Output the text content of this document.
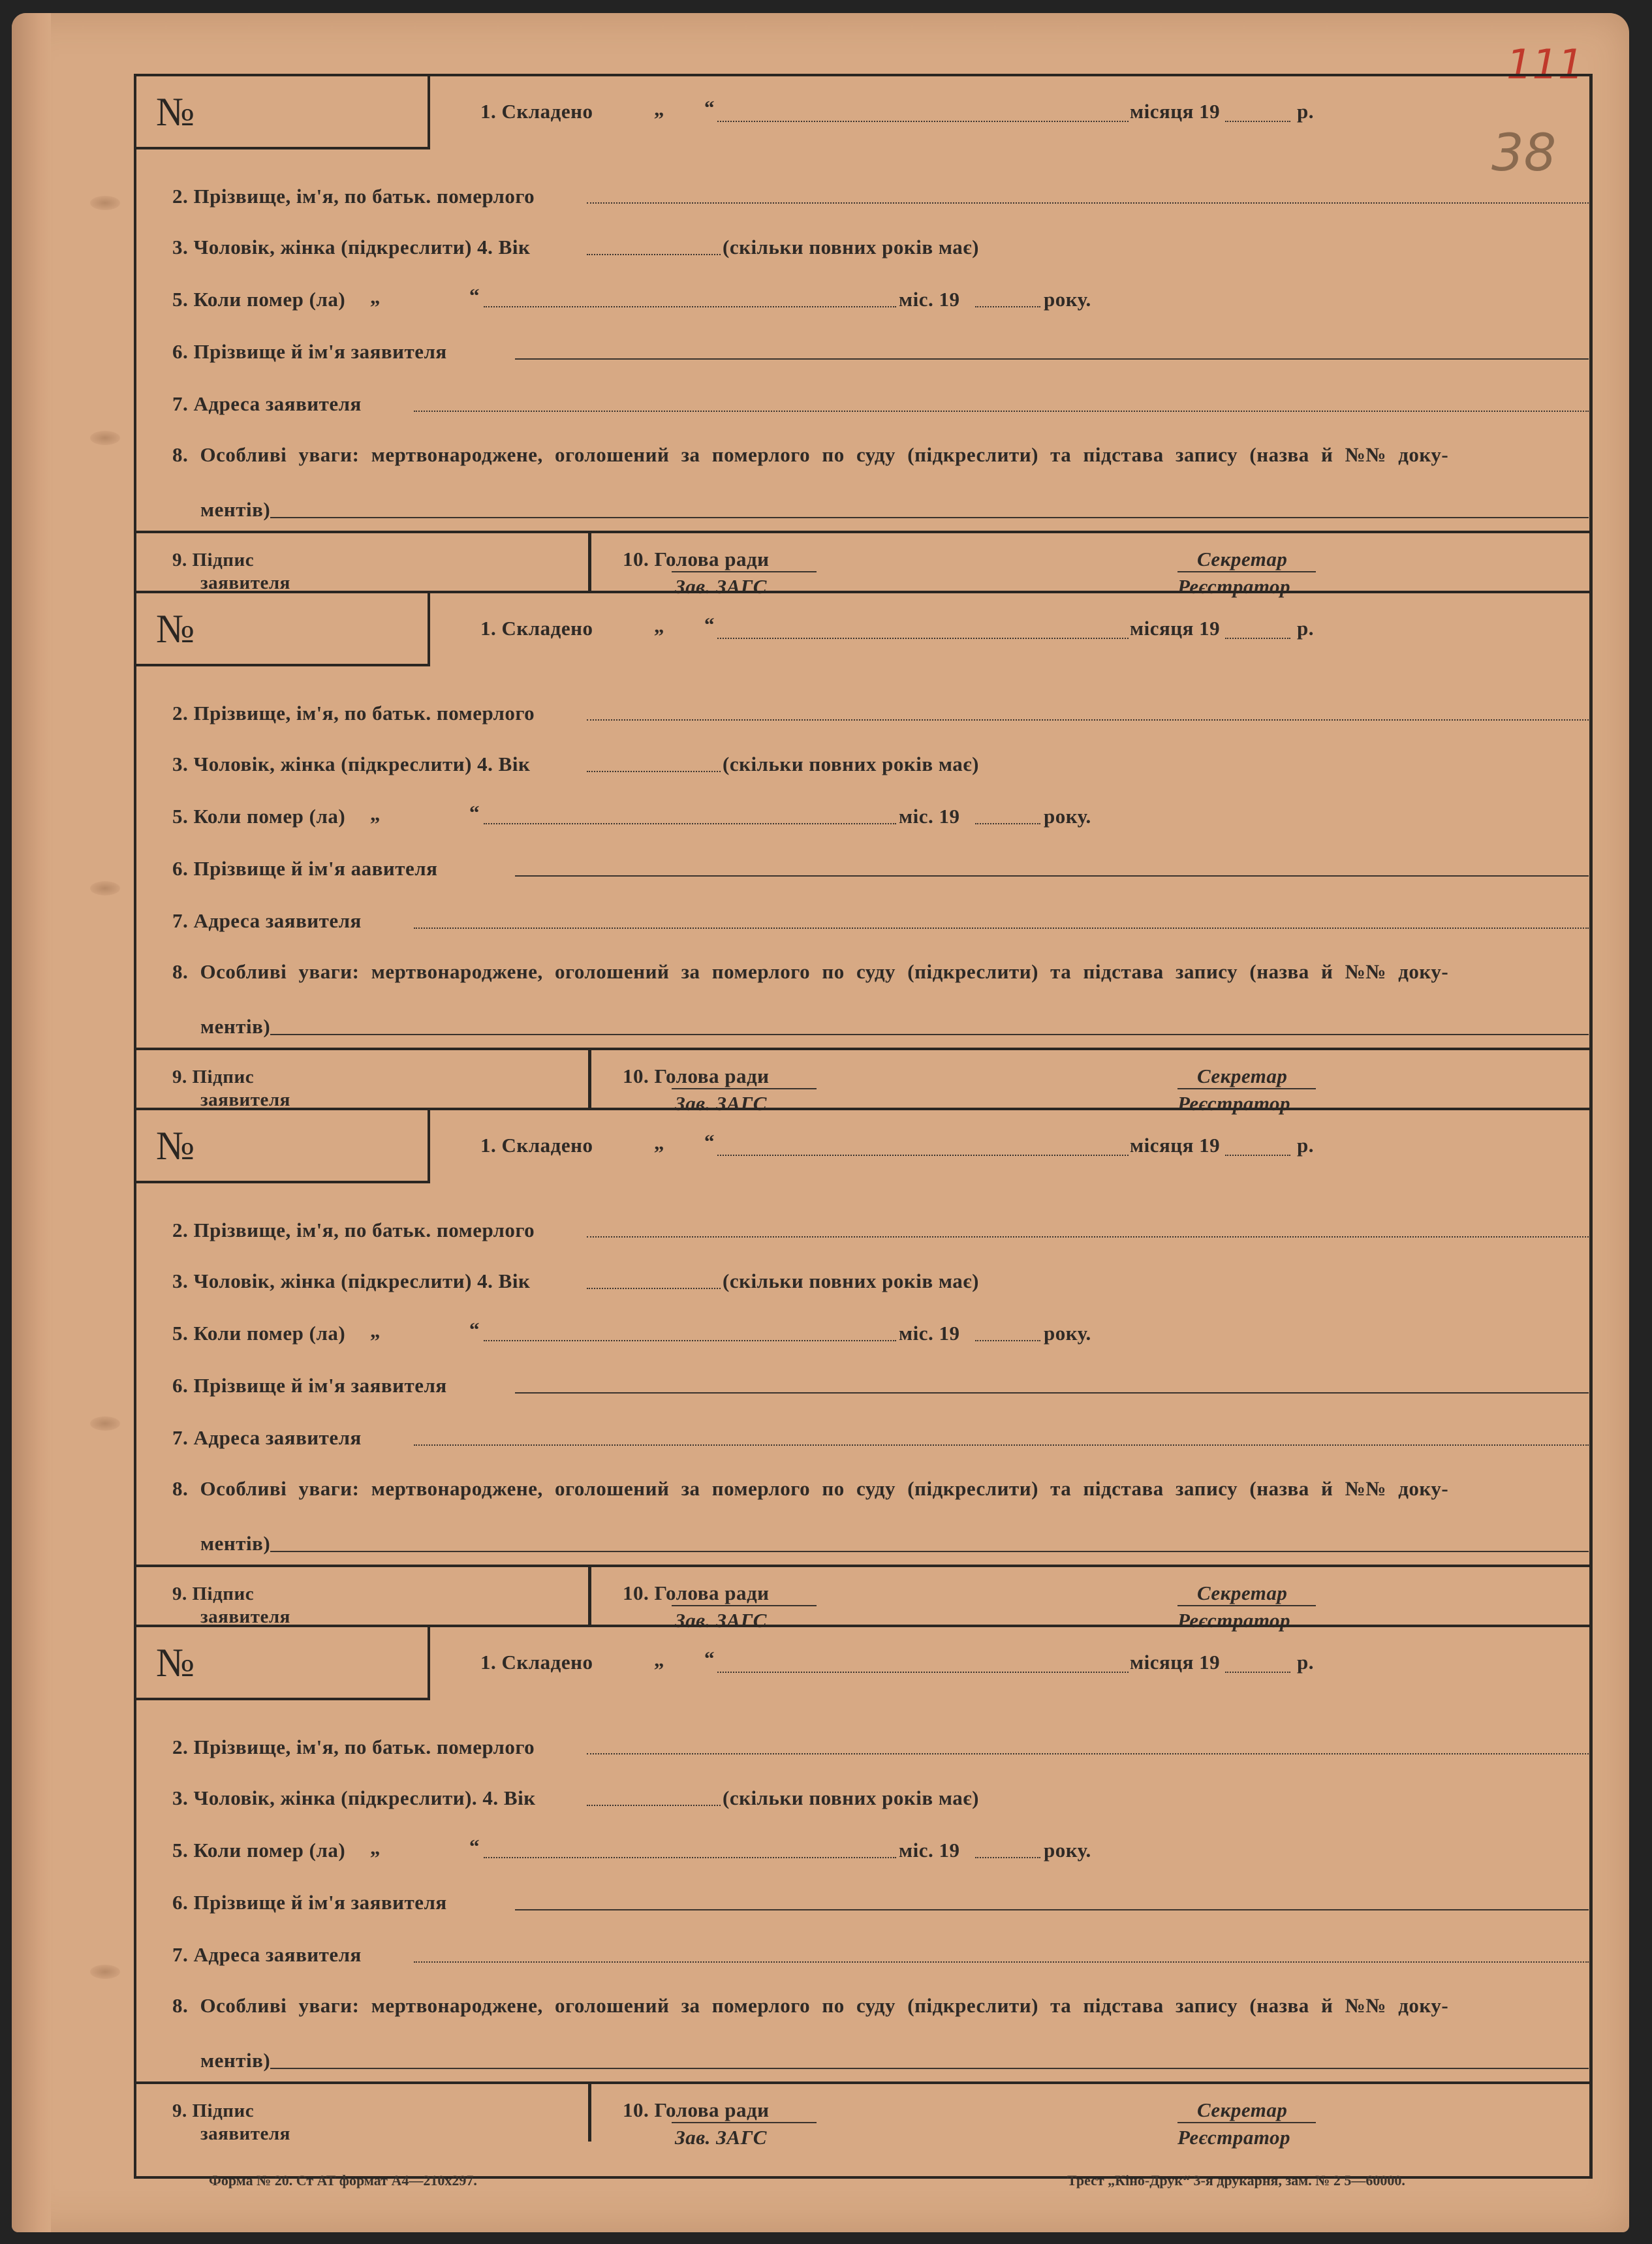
111
38
№	1. Складено	„ “	місяця 19	р.
2. Прізвище, ім'я, по батьк. померлого
3. Чоловік, жінка (підкреслити) 4. Вік	(скільки повних років має)
5. Коли помер (ла) „	“	міс. 19	року.
6. Прізвище й ім'я заявителя
7. Адреса заявителя
8. Особливі уваги: мертвонароджене, оголошений за померлого по суду (підкреслити) та підстава запису (назва й №№ доку-
ментів)
9. Підпис
заявителя
10. Голова ради
Зав. ЗАГС
Секретар
Реєстратор
№	1. Складено	„ “	місяця 19	р.
2. Прізвище, ім'я, по батьк. померлого
3. Чоловік, жінка (підкреслити) 4. Вік	(скільки повних років має)
5. Коли помер (ла) „	“	міс. 19	року.
6. Прізвище й ім'я аавителя
7. Адреса заявителя
8. Особливі уваги: мертвонароджене, оголошений за померлого по суду (підкреслити) та підстава запису (назва й №№ доку-
ментів)
9. Підпис
заявителя
10. Голова ради
Зав. ЗАГС
Секретар
Реєстратор
№	1. Складено	„ “	місяця 19	р.
2. Прізвище, ім'я, по батьк. померлого
3. Чоловік, жінка (підкреслити) 4. Вік	(скільки повних років має)
5. Коли помер (ла) „	“	міс. 19	року.
6. Прізвище й ім'я заявителя
7. Адреса заявителя
8. Особливі уваги: мертвонароджене, оголошений за померлого по суду (підкреслити) та підстава запису (назва й №№ доку-
ментів)
9. Підпис
заявителя
10. Голова ради
Зав. ЗАГС
Секретар
Реєстратор
№	1. Складено	„ “	місяця 19	р.
2. Прізвище, ім'я, по батьк. померлого
3. Чоловік, жінка (підкреслити). 4. Вік	(скільки повних років має)
5. Коли помер (ла) „	“	міс. 19	року.
6. Прізвище й ім'я заявителя
7. Адреса заявителя
8. Особливі уваги: мертвонароджене, оголошений за померлого по суду (підкреслити) та підстава запису (назва й №№ доку-
ментів)
9. Підпис
заявителя
10. Голова ради
Зав. ЗАГС
Секретар
Реєстратор
Форма № 20. Ст АТ формат А4—210х297.	Трест „Кіно-Друк“ 3-я друкарня, зам. № 2 5—60000.
